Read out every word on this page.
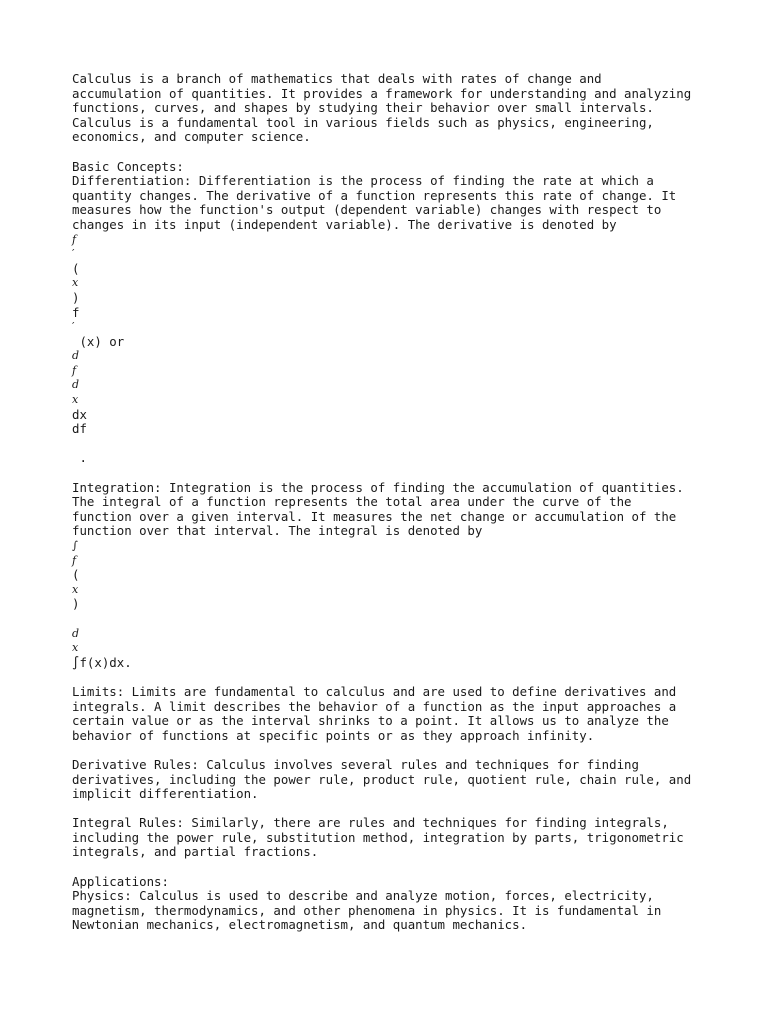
Calculus is a branch of mathematics that deals with rates of change and
accumulation of quantities. It provides a framework for understanding and analyzing
functions, curves, and shapes by studying their behavior over small intervals.
Calculus is a fundamental tool in various fields such as physics, engineering,
economics, and computer science.

Basic Concepts:

Differentiation: Differentiation is the process of finding the rate at which a
quantity changes. The derivative of a function represents this rate of change. It
measures how the function's output (dependent variable) changes with respect to
changes in its input (independent variable). The derivative is denoted by

𝑓

′

(

𝑥

)

f

′

(x) or

𝑑

𝑓

𝑑

𝑥

dx

df

.

Integration: Integration is the process of finding the accumulation of quantities.
The integral of a function represents the total area under the curve of the
function over a given interval. It measures the net change or accumulation of the
function over that interval. The integral is denoted by

∫

𝑓

(

𝑥

)

𝑑

𝑥

∫f(x)dx.

Limits: Limits are fundamental to calculus and are used to define derivatives and
integrals. A limit describes the behavior of a function as the input approaches a
certain value or as the interval shrinks to a point. It allows us to analyze the
behavior of functions at specific points or as they approach infinity.

Derivative Rules: Calculus involves several rules and techniques for finding
derivatives, including the power rule, product rule, quotient rule, chain rule, and
implicit differentiation.

Integral Rules: Similarly, there are rules and techniques for finding integrals,
including the power rule, substitution method, integration by parts, trigonometric
integrals, and partial fractions.

Applications:

Physics: Calculus is used to describe and analyze motion, forces, electricity,
magnetism, thermodynamics, and other phenomena in physics. It is fundamental in
Newtonian mechanics, electromagnetism, and quantum mechanics.
